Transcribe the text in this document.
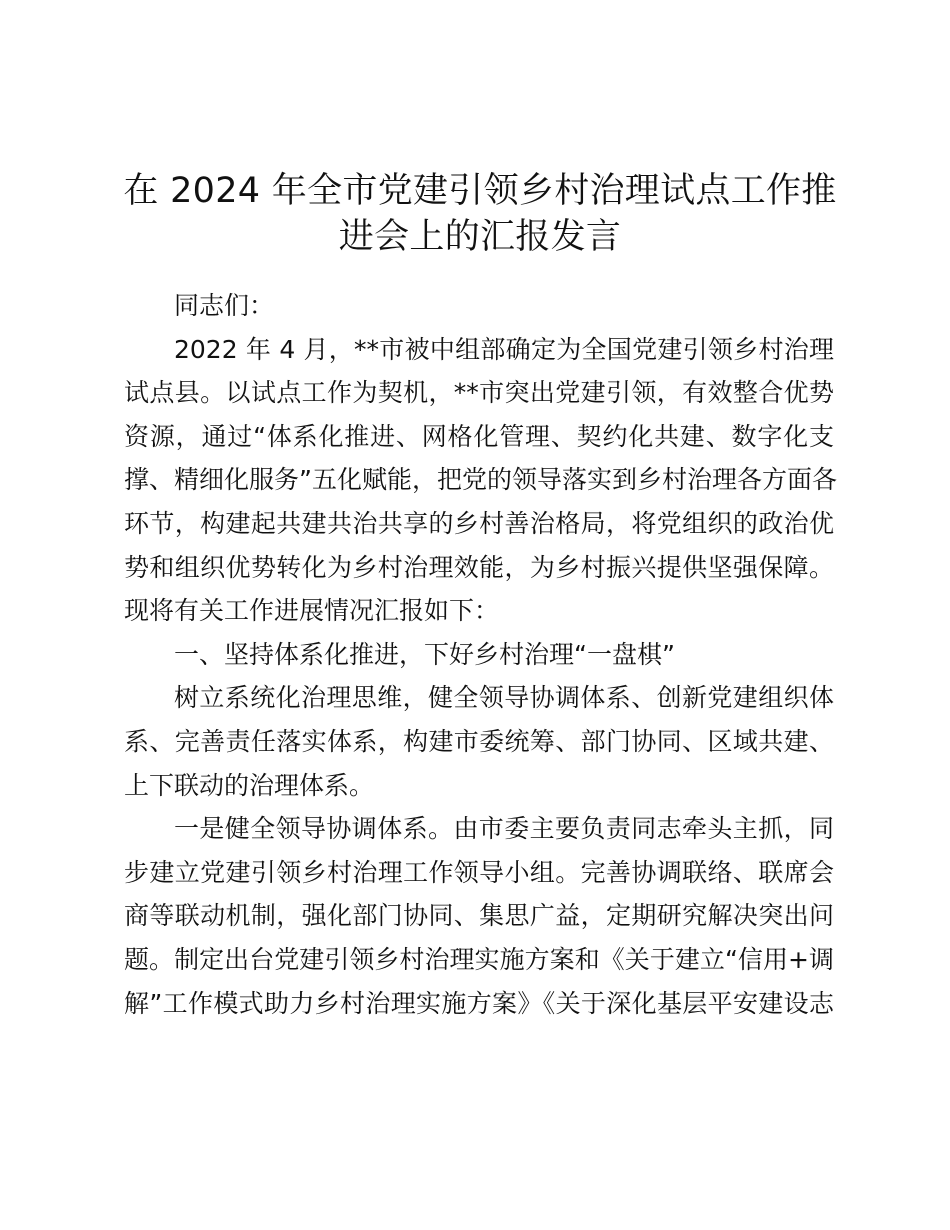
在 2024 年全市党建引领乡村治理试点工作推
进会上的汇报发言
同志们：
2022 年 4 月，**市被中组部确定为全国党建引领乡村治理
试点县。以试点工作为契机，**市突出党建引领，有效整合优势
资源，通过“体系化推进、网格化管理、契约化共建、数字化支
撑、精细化服务”五化赋能，把党的领导落实到乡村治理各方面各
环节，构建起共建共治共享的乡村善治格局，将党组织的政治优
势和组织优势转化为乡村治理效能，为乡村振兴提供坚强保障。
现将有关工作进展情况汇报如下：
一、坚持体系化推进，下好乡村治理“一盘棋”
树立系统化治理思维，健全领导协调体系、创新党建组织体
系、完善责任落实体系，构建市委统筹、部门协同、区域共建、
上下联动的治理体系。
一是健全领导协调体系。由市委主要负责同志牵头主抓，同
步建立党建引领乡村治理工作领导小组。完善协调联络、联席会
商等联动机制，强化部门协同、集思广益，定期研究解决突出问
题。制定出台党建引领乡村治理实施方案和《关于建立“信用+调
解”工作模式助力乡村治理实施方案》《关于深化基层平安建设志
